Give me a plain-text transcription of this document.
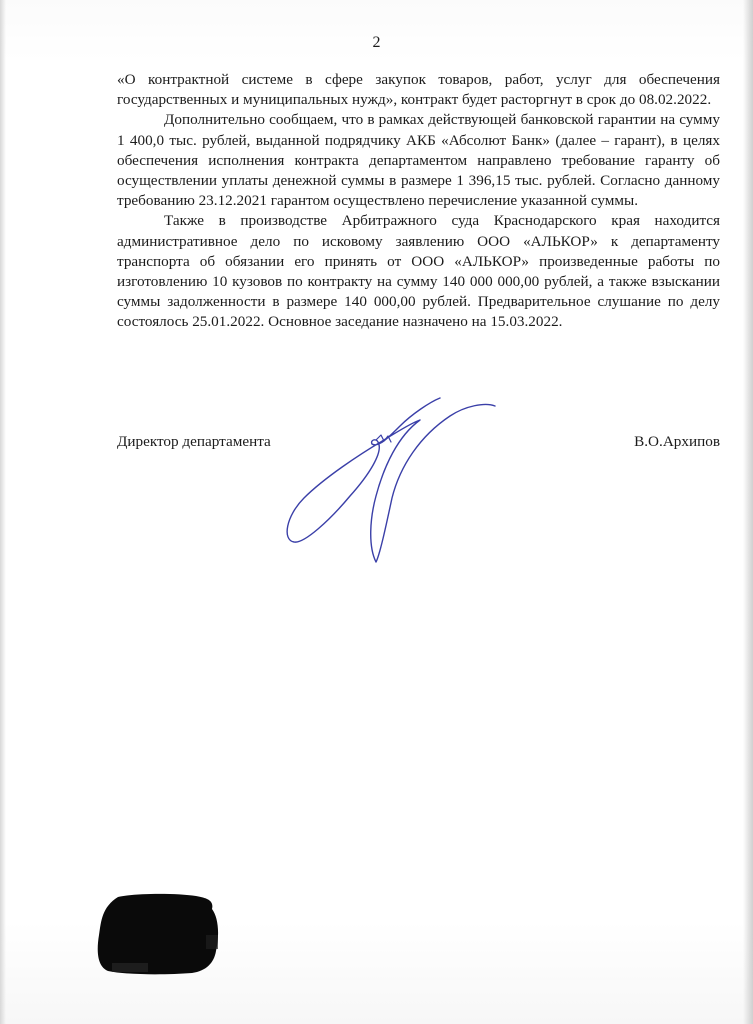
2

«О контрактной системе в сфере закупок товаров, работ, услуг для обеспечения государственных и муниципальных нужд», контракт будет расторгнут в срок до 08.02.2022.

Дополнительно сообщаем, что в рамках действующей банковской гарантии на сумму 1 400,0 тыс. рублей, выданной подрядчику АКБ «Абсолют Банк» (далее – гарант), в целях обеспечения исполнения контракта департаментом направлено требование гаранту об осуществлении уплаты денежной суммы в размере 1 396,15 тыс. рублей. Согласно данному требованию 23.12.2021 гарантом осуществлено перечисление указанной суммы.

Также в производстве Арбитражного суда Краснодарского края находится административное дело по исковому заявлению ООО «АЛЬКОР» к департаменту транспорта об обязании его принять от ООО «АЛЬКОР» произведенные работы по изготовлению 10 кузовов по контракту на сумму 140 000 000,00 рублей, а также взыскании суммы задолженности в размере 140 000,00 рублей. Предварительное слушание по делу состоялось 25.01.2022. Основное заседание назначено на 15.03.2022.

Директор департамента	В.О.Архипов
